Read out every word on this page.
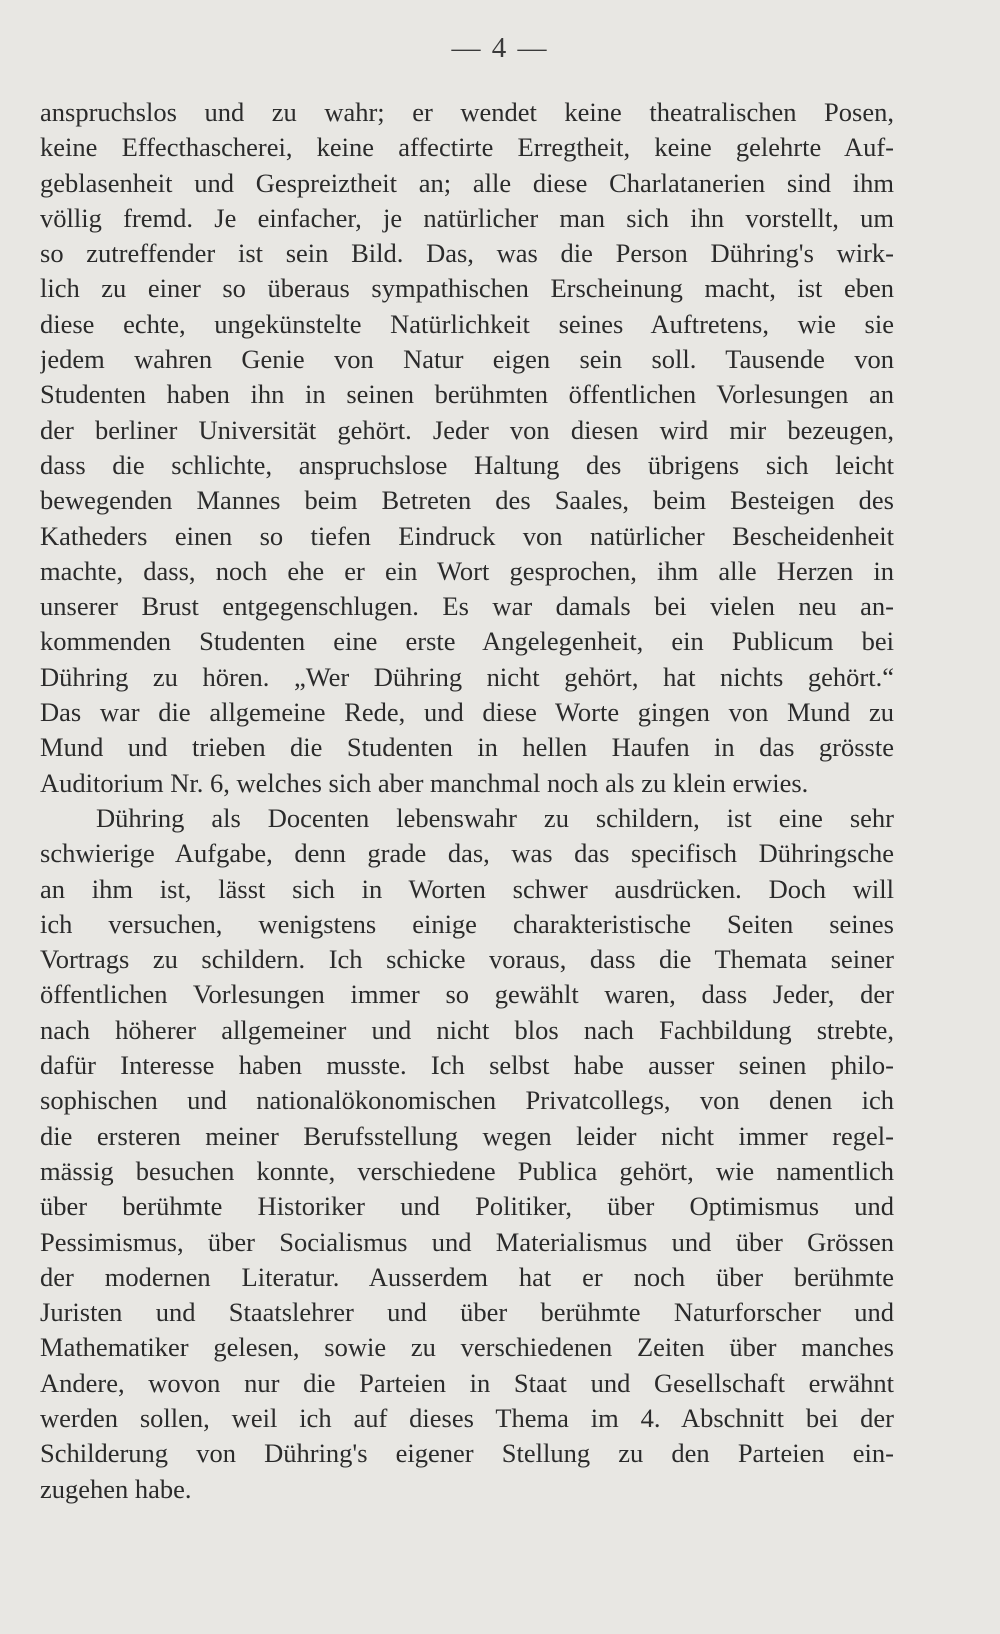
— 4 —
anspruchslos und zu wahr; er wendet keine theatralischen Posen,
keine Effecthascherei, keine affectirte Erregtheit, keine gelehrte Auf-
geblasenheit und Gespreiztheit an; alle diese Charlatanerien sind ihm
völlig fremd. Je einfacher, je natürlicher man sich ihn vorstellt, um
so zutreffender ist sein Bild. Das, was die Person Dühring's wirk-
lich zu einer so überaus sympathischen Erscheinung macht, ist eben
diese echte, ungekünstelte Natürlichkeit seines Auftretens, wie sie
jedem wahren Genie von Natur eigen sein soll. Tausende von
Studenten haben ihn in seinen berühmten öffentlichen Vorlesungen an
der berliner Universität gehört. Jeder von diesen wird mir bezeugen,
dass die schlichte, anspruchslose Haltung des übrigens sich leicht
bewegenden Mannes beim Betreten des Saales, beim Besteigen des
Katheders einen so tiefen Eindruck von natürlicher Bescheidenheit
machte, dass, noch ehe er ein Wort gesprochen, ihm alle Herzen in
unserer Brust entgegenschlugen. Es war damals bei vielen neu an-
kommenden Studenten eine erste Angelegenheit, ein Publicum bei
Dühring zu hören. „Wer Dühring nicht gehört, hat nichts gehört.“
Das war die allgemeine Rede, und diese Worte gingen von Mund zu
Mund und trieben die Studenten in hellen Haufen in das grösste
Auditorium Nr. 6, welches sich aber manchmal noch als zu klein erwies.
Dühring als Docenten lebenswahr zu schildern, ist eine sehr
schwierige Aufgabe, denn grade das, was das specifisch Dühringsche
an ihm ist, lässt sich in Worten schwer ausdrücken. Doch will
ich versuchen, wenigstens einige charakteristische Seiten seines
Vortrags zu schildern. Ich schicke voraus, dass die Themata seiner
öffentlichen Vorlesungen immer so gewählt waren, dass Jeder, der
nach höherer allgemeiner und nicht blos nach Fachbildung strebte,
dafür Interesse haben musste. Ich selbst habe ausser seinen philo-
sophischen und nationalökonomischen Privatcollegs, von denen ich
die ersteren meiner Berufsstellung wegen leider nicht immer regel-
mässig besuchen konnte, verschiedene Publica gehört, wie namentlich
über berühmte Historiker und Politiker, über Optimismus und
Pessimismus, über Socialismus und Materialismus und über Grössen
der modernen Literatur. Ausserdem hat er noch über berühmte
Juristen und Staatslehrer und über berühmte Naturforscher und
Mathematiker gelesen, sowie zu verschiedenen Zeiten über manches
Andere, wovon nur die Parteien in Staat und Gesellschaft erwähnt
werden sollen, weil ich auf dieses Thema im 4. Abschnitt bei der
Schilderung von Dühring's eigener Stellung zu den Parteien ein-
zugehen habe.
